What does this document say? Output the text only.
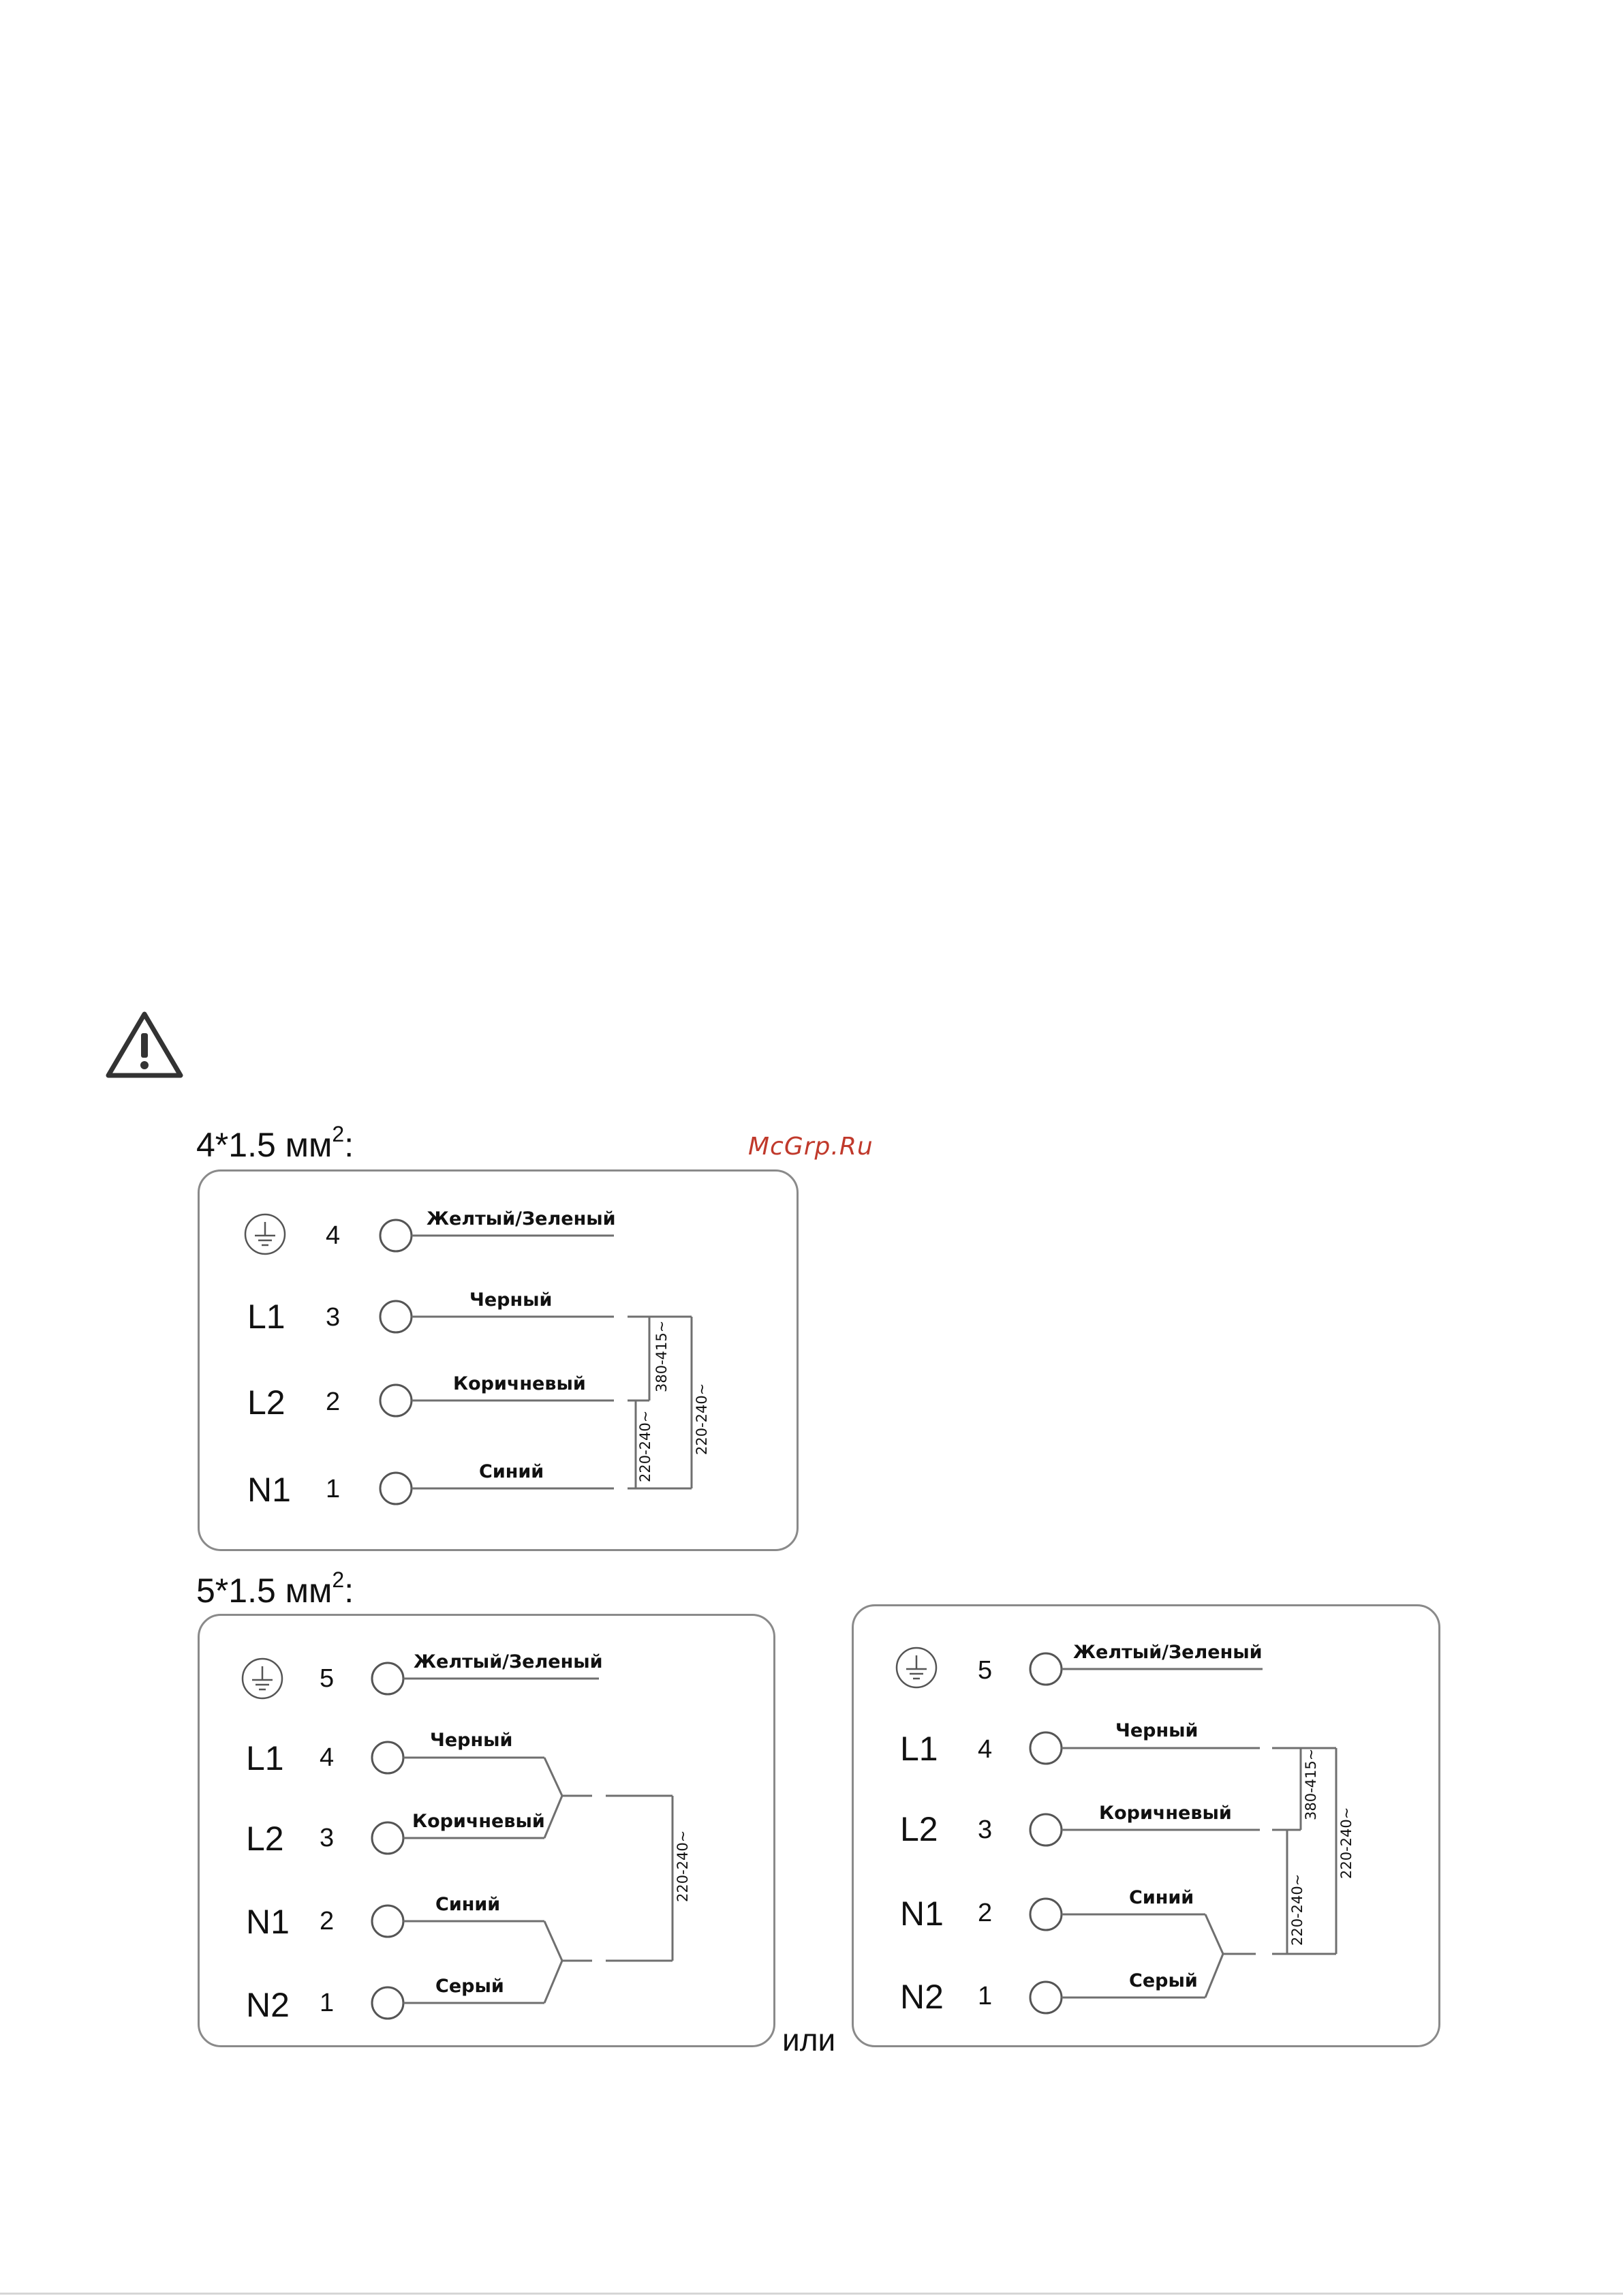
4*1.5 $мм^2$:	McGrp.Ru
5*1.5 $мм^2$:
или
L1
L2
N1
4
3
2
1
Желтый/Зеленый
Черный
Коричневый
Синий
380-415~
220-240~	220-240~
L1
L2
N1
N2
5
4
3
2
1
Желтый/Зеленый
Черный
Коричневый
Синий
Серый
220-240~
L1
L2
N1
N2
5
4
3
2
1
Желтый/Зеленый
Черный
Коричневый
Синий
Серый
380-415~
220-240~
220-240~
